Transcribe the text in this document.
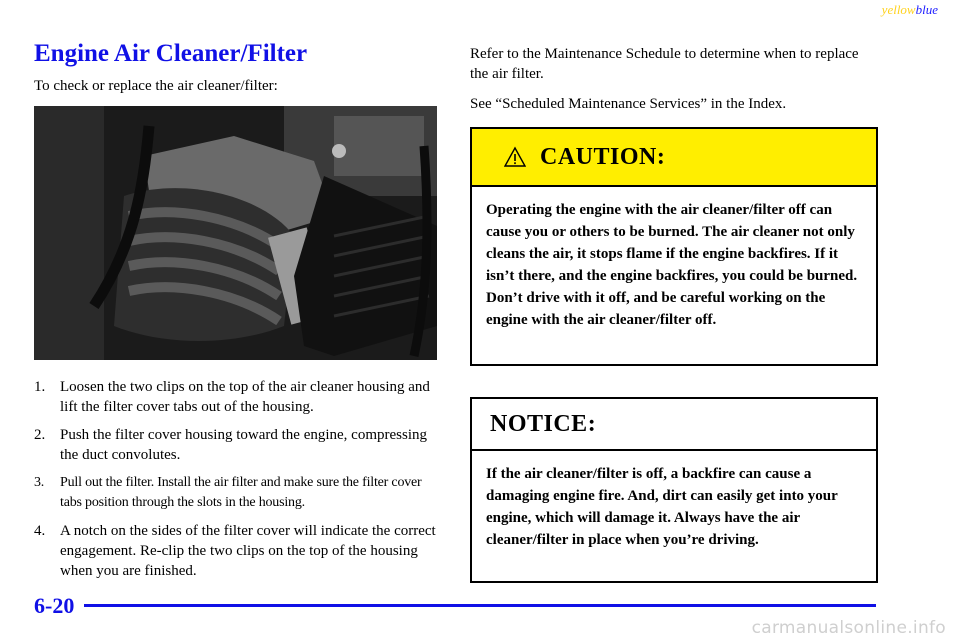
yellowblue
Engine Air Cleaner/Filter
To check or replace the air cleaner/filter:
1. Loosen the two clips on the top of the air cleaner housing and lift the filter cover tabs out of the housing.
2. Push the filter cover housing toward the engine, compressing the duct convolutes.
3. Pull out the filter. Install the air filter and make sure the filter cover tabs position through the slots in the housing.
4. A notch on the sides of the filter cover will indicate the correct engagement. Re‑clip the two clips on the top of the housing when you are finished.

Refer to the Maintenance Schedule to determine when to replace the air filter.

See “Scheduled Maintenance Services” in the Index.

CAUTION:
Operating the engine with the air cleaner/filter off can cause you or others to be burned. The air cleaner not only cleans the air, it stops flame if the engine backfires. If it isn’t there, and the engine backfires, you could be burned. Don’t drive with it off, and be careful working on the engine with the air cleaner/filter off.
NOTICE:
If the air cleaner/filter is off, a backfire can cause a damaging engine fire. And, dirt can easily get into your engine, which will damage it. Always have the air cleaner/filter in place when you’re driving.
6-20
carmanualsonline.info
